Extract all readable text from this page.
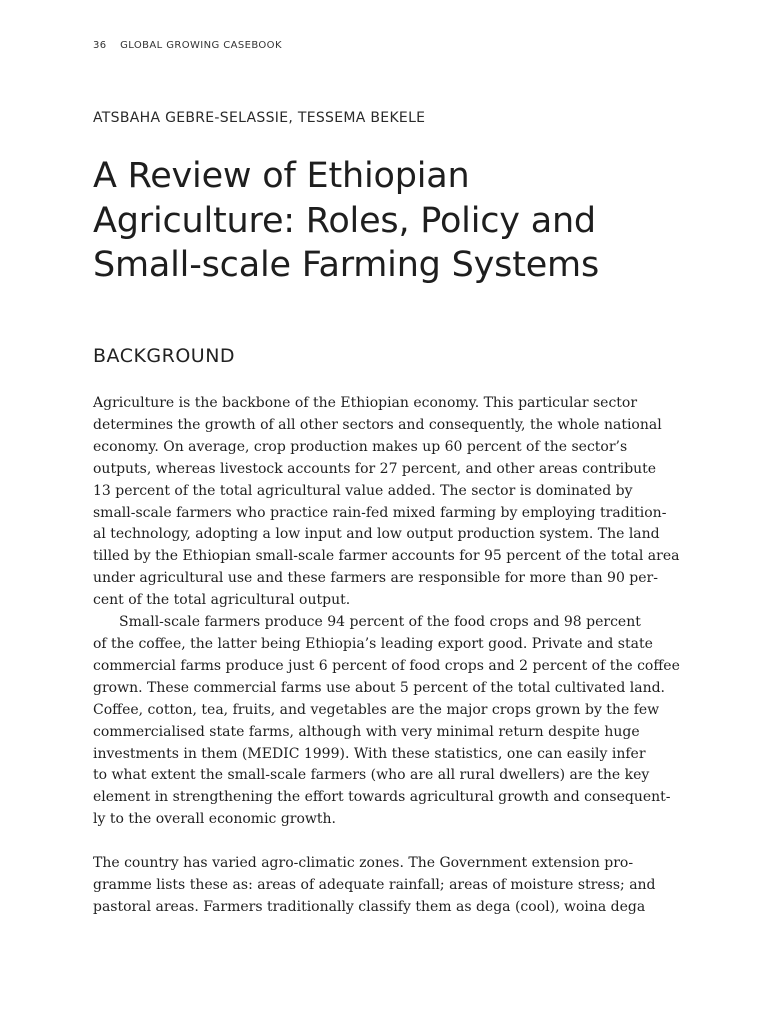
36 GLOBAL GROWING CASEBOOK
ATSBAHA GEBRE-SELASSIE, TESSEMA BEKELE
A Review of Ethiopian
Agriculture: Roles, Policy and
Small-scale Farming Systems
BACKGROUND
Agriculture is the backbone of the Ethiopian economy. This particular sector
determines the growth of all other sectors and consequently, the whole national
economy. On average, crop production makes up 60 percent of the sector’s
outputs, whereas livestock accounts for 27 percent, and other areas contribute
13 percent of the total agricultural value added. The sector is dominated by
small-scale farmers who practice rain-fed mixed farming by employing tradition-
al technology, adopting a low input and low output production system. The land
tilled by the Ethiopian small-scale farmer accounts for 95 percent of the total area
under agricultural use and these farmers are responsible for more than 90 per-
cent of the total agricultural output.
Small-scale farmers produce 94 percent of the food crops and 98 percent
of the coffee, the latter being Ethiopia’s leading export good. Private and state
commercial farms produce just 6 percent of food crops and 2 percent of the coffee
grown. These commercial farms use about 5 percent of the total cultivated land.
Coffee, cotton, tea, fruits, and vegetables are the major crops grown by the few
commercialised state farms, although with very minimal return despite huge
investments in them (MEDIC 1999). With these statistics, one can easily infer
to what extent the small-scale farmers (who are all rural dwellers) are the key
element in strengthening the effort towards agricultural growth and consequent-
ly to the overall economic growth.
The country has varied agro-climatic zones. The Government extension pro-
gramme lists these as: areas of adequate rainfall; areas of moisture stress; and
pastoral areas. Farmers traditionally classify them as dega (cool), woina dega
